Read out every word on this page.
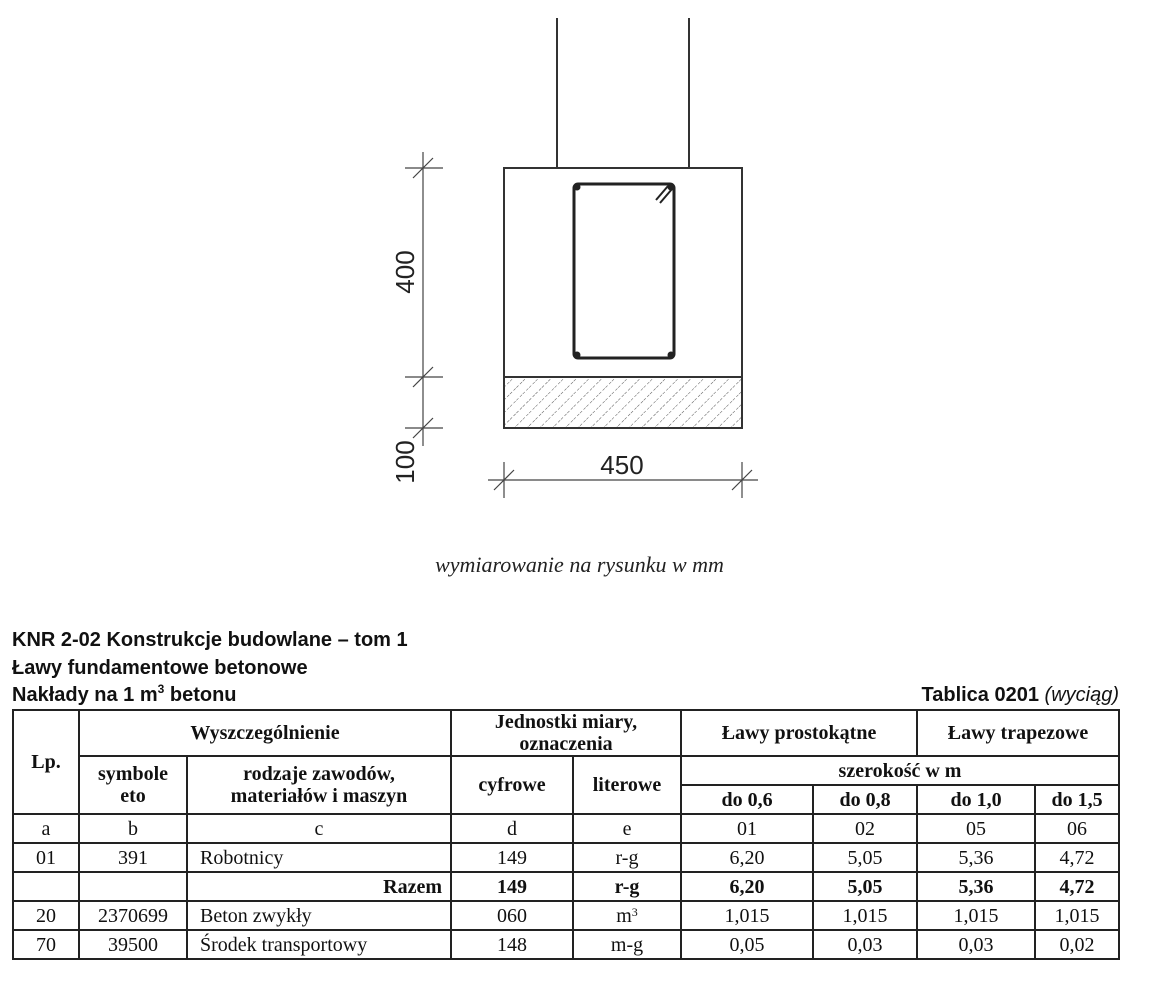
400
100	450
wymiarowanie na rysunku w mm
KNR 2-02 Konstrukcje budowlane – tom 1
Ławy fundamentowe betonowe
Nakłady na 1 $m^3$ betonu	Tablica 0201 (wyciąg)
Lp.	Wyszczególnienie		Jednostki miary, oznaczenia		Ławy prostokątne		Ławy trapezowe	
	symbole eto	rodzaje zawodów, materiałów i maszyn	cyfrowe	literowe	szerokość w m			
					do 0,6	do 0,8	do 1,0	do 1,5
a	b	c	d	e	01	02	05	06
01	391	Robotnicy	149	r-g	6,20	5,05	5,36	4,72
		Razem	149	r-g	6,20	5,05	5,36	4,72
20	2370699	Beton zwykły	060	$m^3$	1,015	1,015	1,015	1,015
70	39500	Środek transportowy	148	m-g	0,05	0,03	0,03	0,02
